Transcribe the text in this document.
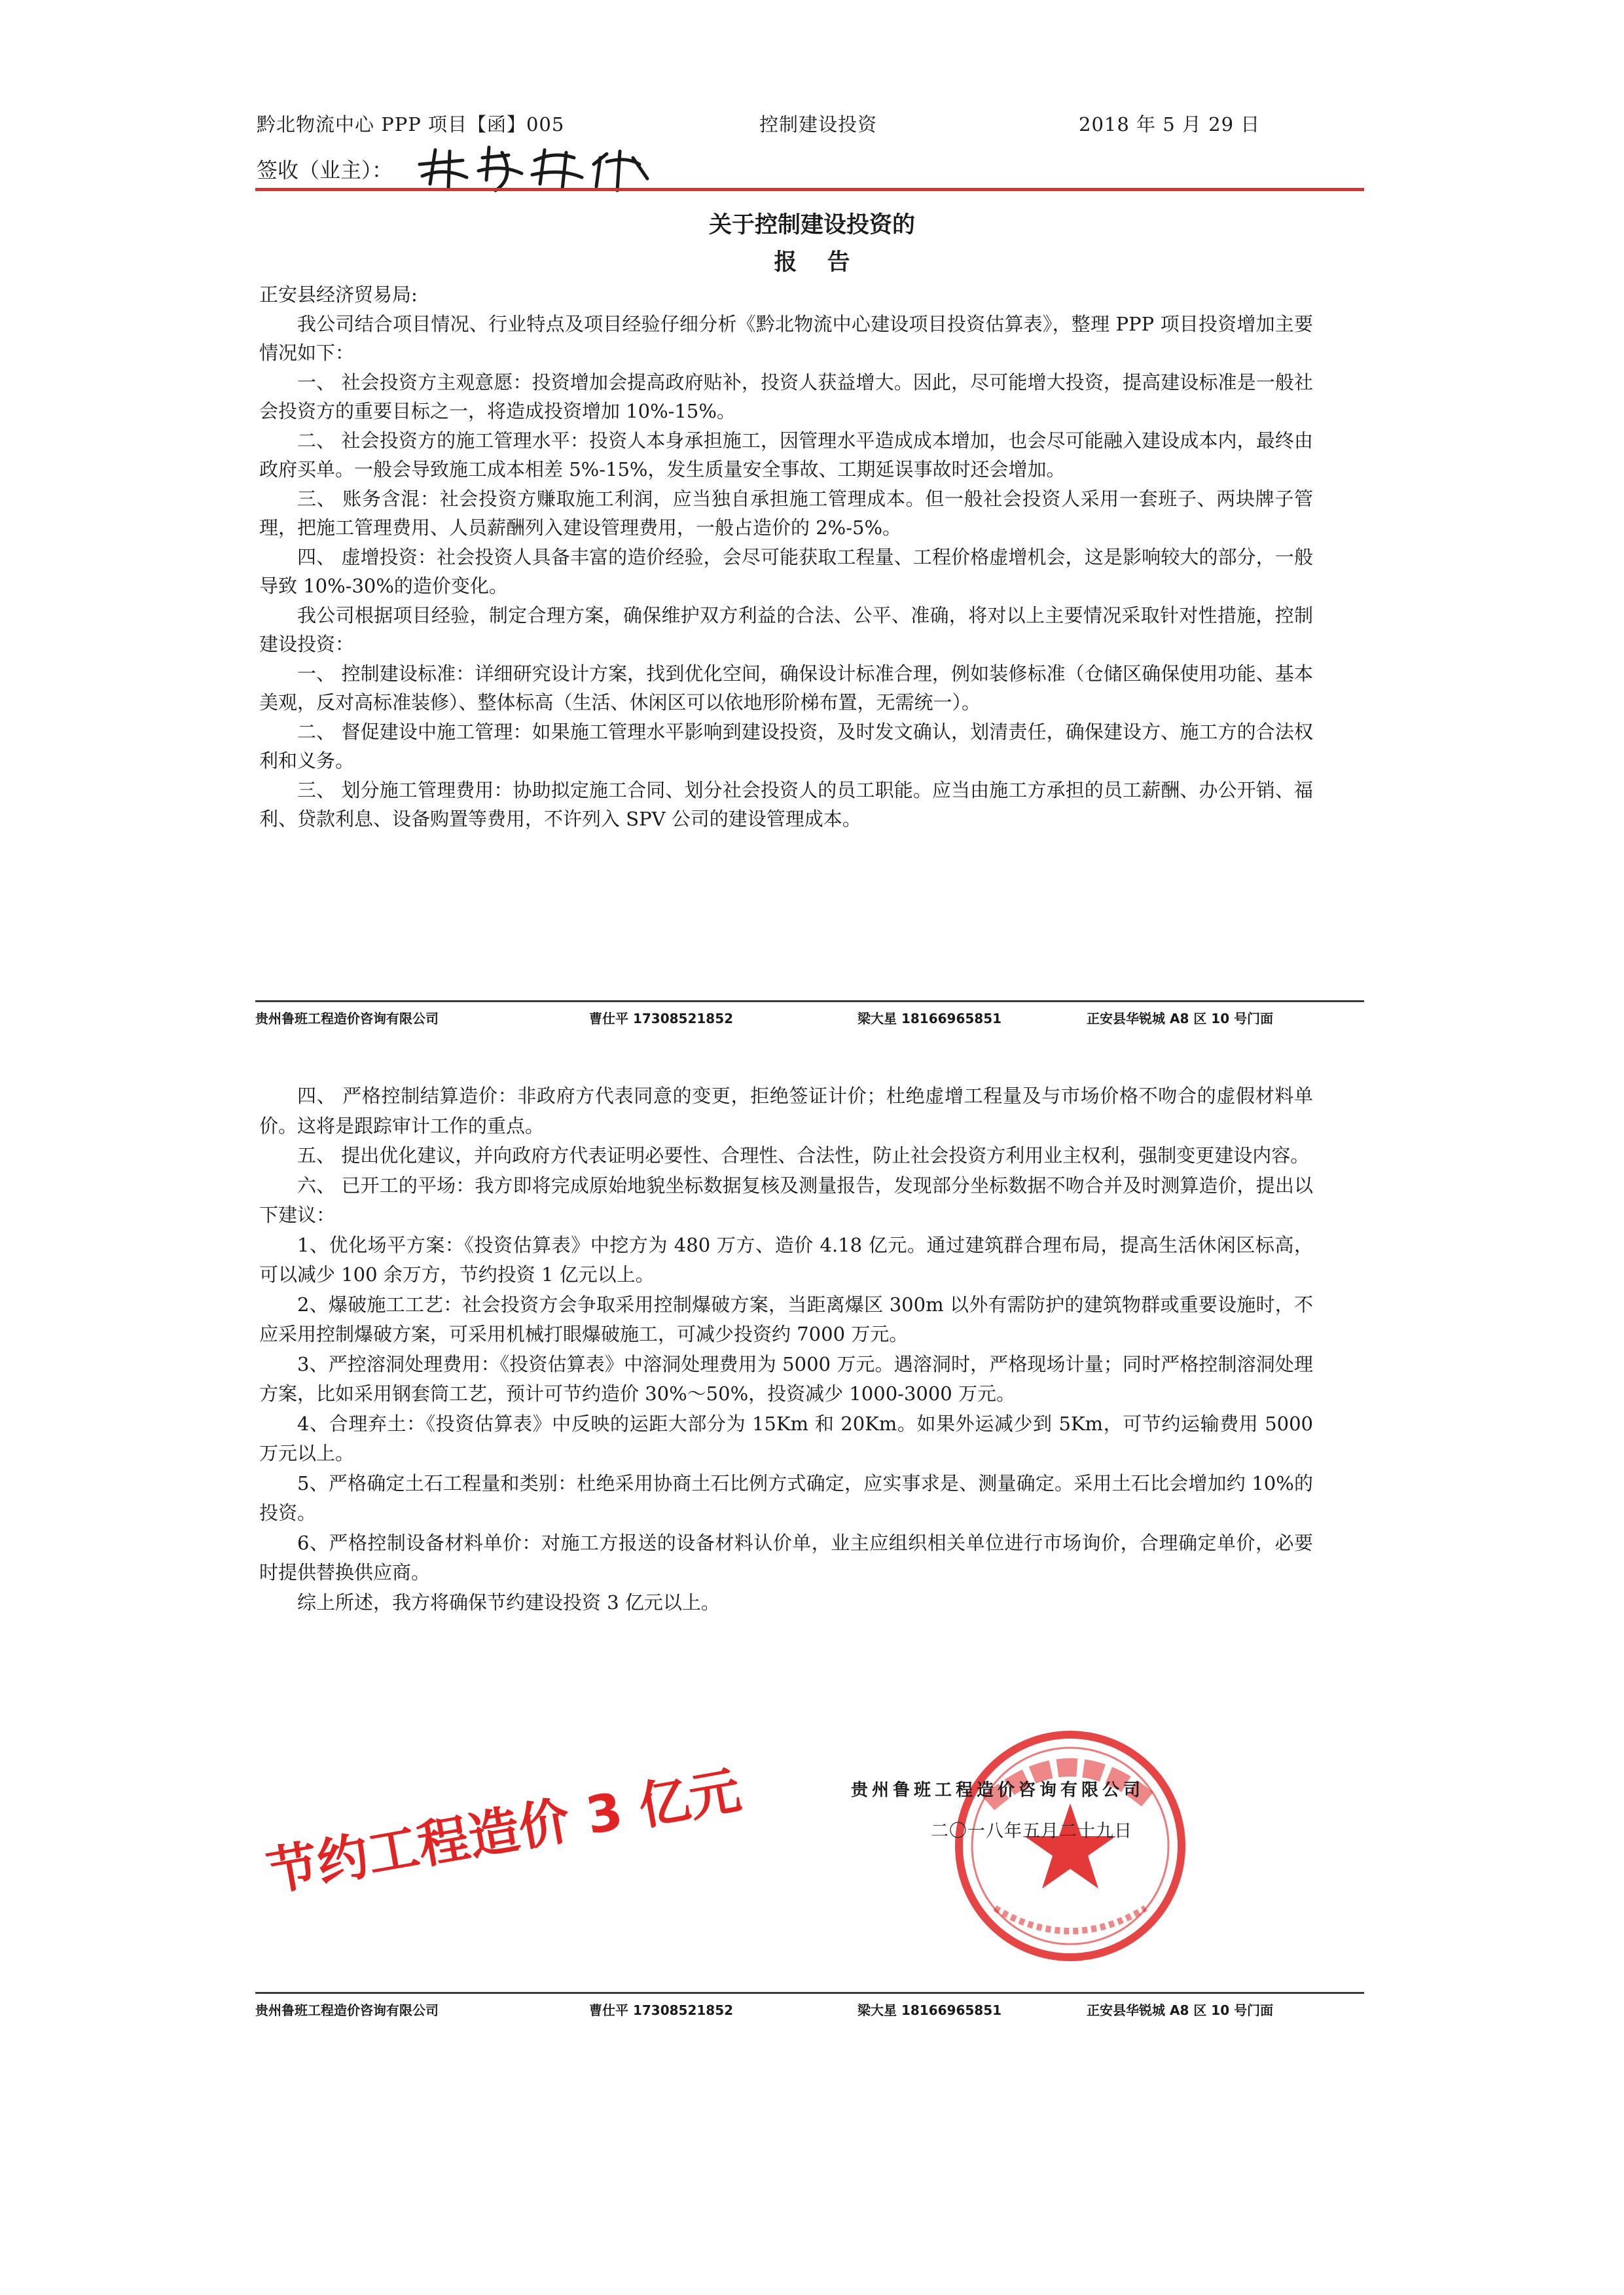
黔北物流中心 PPP 项目【函】005	控制建设投资	2018 年 5 月 29 日
签收（业主）：
关于控制建设投资的
报告

正安县经济贸易局:

我公司结合项目情况、行业特点及项目经验仔细分析《黔北物流中心建设项目投资估算表》，整理 PPP 项目投资增加主要情况如下：

一、 社会投资方主观意愿：投资增加会提高政府贴补，投资人获益增大。因此，尽可能增大投资，提高建设标准是一般社会投资方的重要目标之一，将造成投资增加 10%-15%。

二、 社会投资方的施工管理水平：投资人本身承担施工，因管理水平造成成本增加，也会尽可能融入建设成本内，最终由政府买单。一般会导致施工成本相差 5%-15%，发生质量安全事故、工期延误事故时还会增加。

三、 账务含混：社会投资方赚取施工利润，应当独自承担施工管理成本。但一般社会投资人采用一套班子、两块牌子管理，把施工管理费用、人员薪酬列入建设管理费用，一般占造价的 2%-5%。

四、 虚增投资：社会投资人具备丰富的造价经验，会尽可能获取工程量、工程价格虚增机会，这是影响较大的部分，一般导致 10%-30%的造价变化。

我公司根据项目经验，制定合理方案，确保维护双方利益的合法、公平、准确，将对以上主要情况采取针对性措施，控制建设投资：

一、 控制建设标准：详细研究设计方案，找到优化空间，确保设计标准合理，例如装修标准（仓储区确保使用功能、基本美观，反对高标准装修）、整体标高（生活、休闲区可以依地形阶梯布置，无需统一）。

二、 督促建设中施工管理：如果施工管理水平影响到建设投资，及时发文确认，划清责任，确保建设方、施工方的合法权利和义务。

三、 划分施工管理费用：协助拟定施工合同、划分社会投资人的员工职能。应当由施工方承担的员工薪酬、办公开销、福利、贷款利息、设备购置等费用，不许列入 SPV 公司的建设管理成本。

贵州鲁班工程造价咨询有限公司	曹仕平 17308521852	梁大星 18166965851	正安县华锐城 A8 区 10 号门面

四、 严格控制结算造价：非政府方代表同意的变更，拒绝签证计价；杜绝虚增工程量及与市场价格不吻合的虚假材料单价。这将是跟踪审计工作的重点。

五、 提出优化建议，并向政府方代表证明必要性、合理性、合法性，防止社会投资方利用业主权利，强制变更建设内容。

六、 已开工的平场：我方即将完成原始地貌坐标数据复核及测量报告，发现部分坐标数据不吻合并及时测算造价，提出以下建议：

1、优化场平方案：《投资估算表》中挖方为 480 万方、造价 4.18 亿元。通过建筑群合理布局，提高生活休闲区标高，可以减少 100 余万方，节约投资 1 亿元以上。

2、爆破施工工艺：社会投资方会争取采用控制爆破方案，当距离爆区 300m 以外有需防护的建筑物群或重要设施时，不应采用控制爆破方案，可采用机械打眼爆破施工，可减少投资约 7000 万元。

3、严控溶洞处理费用：《投资估算表》中溶洞处理费用为 5000 万元。遇溶洞时，严格现场计量；同时严格控制溶洞处理方案，比如采用钢套筒工艺，预计可节约造价 30%～50%，投资减少 1000-3000 万元。

4、合理弃土：《投资估算表》中反映的运距大部分为 15Km 和 20Km。如果外运减少到 5Km，可节约运输费用 5000 万元以上。

5、严格确定土石工程量和类别：杜绝采用协商土石比例方式确定，应实事求是、测量确定。采用土石比会增加约 10%的投资。

6、严格控制设备材料单价：对施工方报送的设备材料认价单，业主应组织相关单位进行市场询价，合理确定单价，必要时提供替换供应商。

综上所述，我方将确保节约建设投资 3 亿元以上。

贵州鲁班工程造价咨询有限公司
二〇一八年五月二十九日
节约工程造价 3 亿元
贵州鲁班工程造价咨询有限公司	曹仕平 17308521852	梁大星 18166965851	正安县华锐城 A8 区 10 号门面
